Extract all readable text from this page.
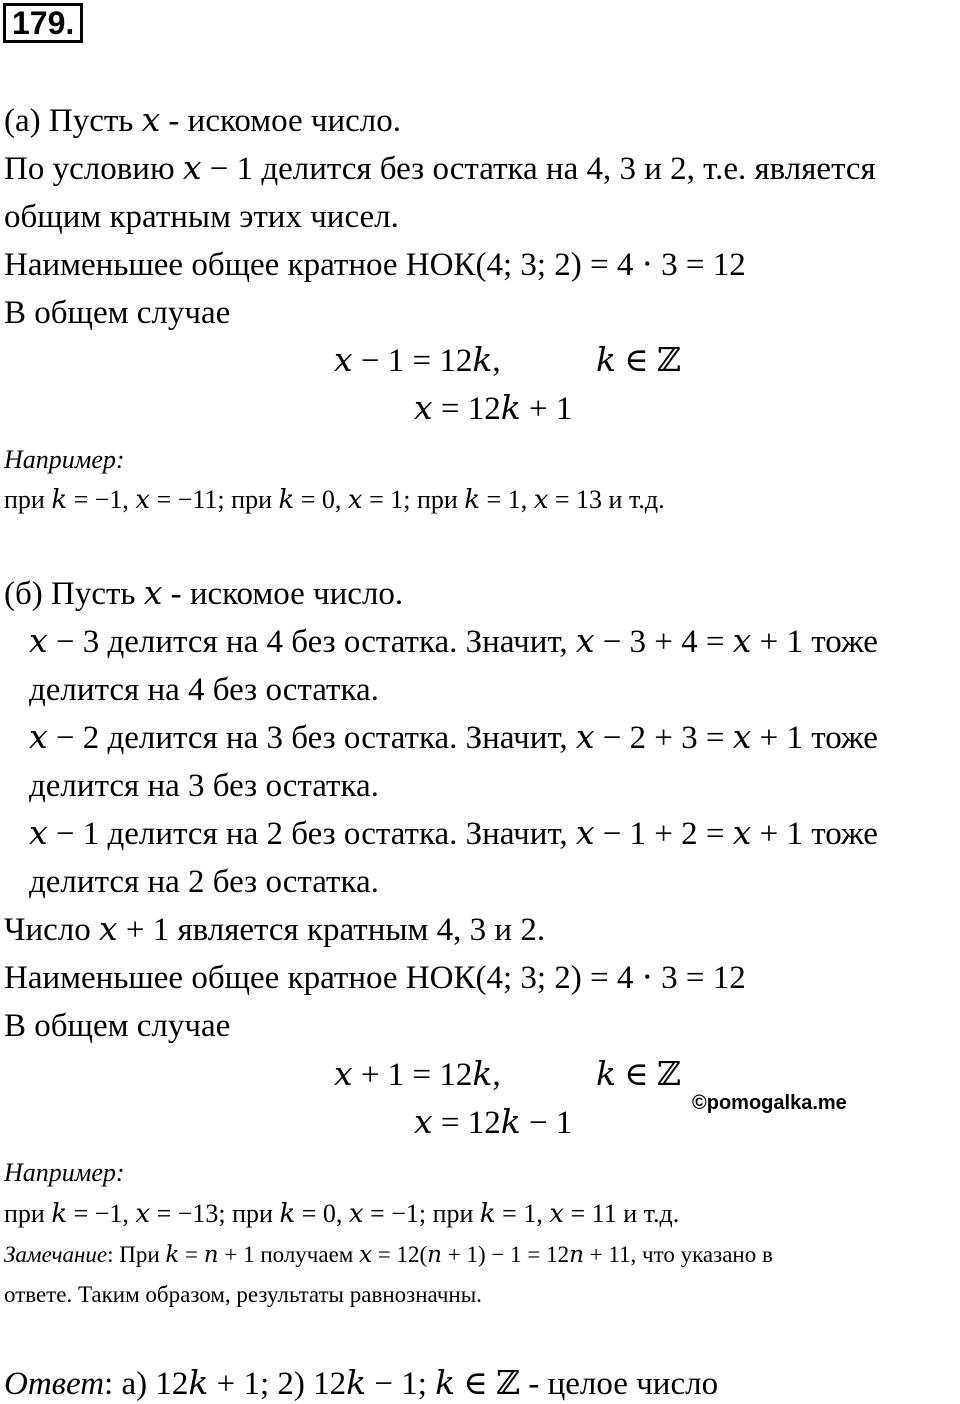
179.
(а) Пусть 𝑥 - искомое число.
По условию 𝑥 − 1 делится без остатка на 4, 3 и 2, т.е. является
общим кратным этих чисел.
Наименьшее общее кратное НОК(4; 3; 2) = 4 ⋅ 3 = 12
В общем случае
𝑥 − 1 = 12𝑘,	𝑘 ∈ ℤ
𝑥 = 12𝑘 + 1
Например:
при 𝑘 = −1, 𝑥 = −11; при 𝑘 = 0, 𝑥 = 1; при 𝑘 = 1, 𝑥 = 13 и т.д.
(б) Пусть 𝑥 - искомое число.
𝑥 − 3 делится на 4 без остатка. Значит, 𝑥 − 3 + 4 = 𝑥 + 1 тоже
делится на 4 без остатка.
𝑥 − 2 делится на 3 без остатка. Значит, 𝑥 − 2 + 3 = 𝑥 + 1 тоже
делится на 3 без остатка.
𝑥 − 1 делится на 2 без остатка. Значит, 𝑥 − 1 + 2 = 𝑥 + 1 тоже
делится на 2 без остатка.
Число 𝑥 + 1 является кратным 4, 3 и 2.
Наименьшее общее кратное НОК(4; 3; 2) = 4 ⋅ 3 = 12
В общем случае
𝑥 + 1 = 12𝑘,	𝑘 ∈ ℤ
𝑥 = 12𝑘 − 1
©pomogalka.me
Например:
при 𝑘 = −1, 𝑥 = −13; при 𝑘 = 0, 𝑥 = −1; при 𝑘 = 1, 𝑥 = 11 и т.д.
Замечание: При 𝑘 = 𝑛 + 1 получаем 𝑥 = 12(𝑛 + 1) − 1 = 12𝑛 + 11, что указано в
ответе. Таким образом, результаты равнозначны.
Ответ: а) 12𝑘 + 1; 2) 12𝑘 − 1; 𝑘 ∈ ℤ - целое число
